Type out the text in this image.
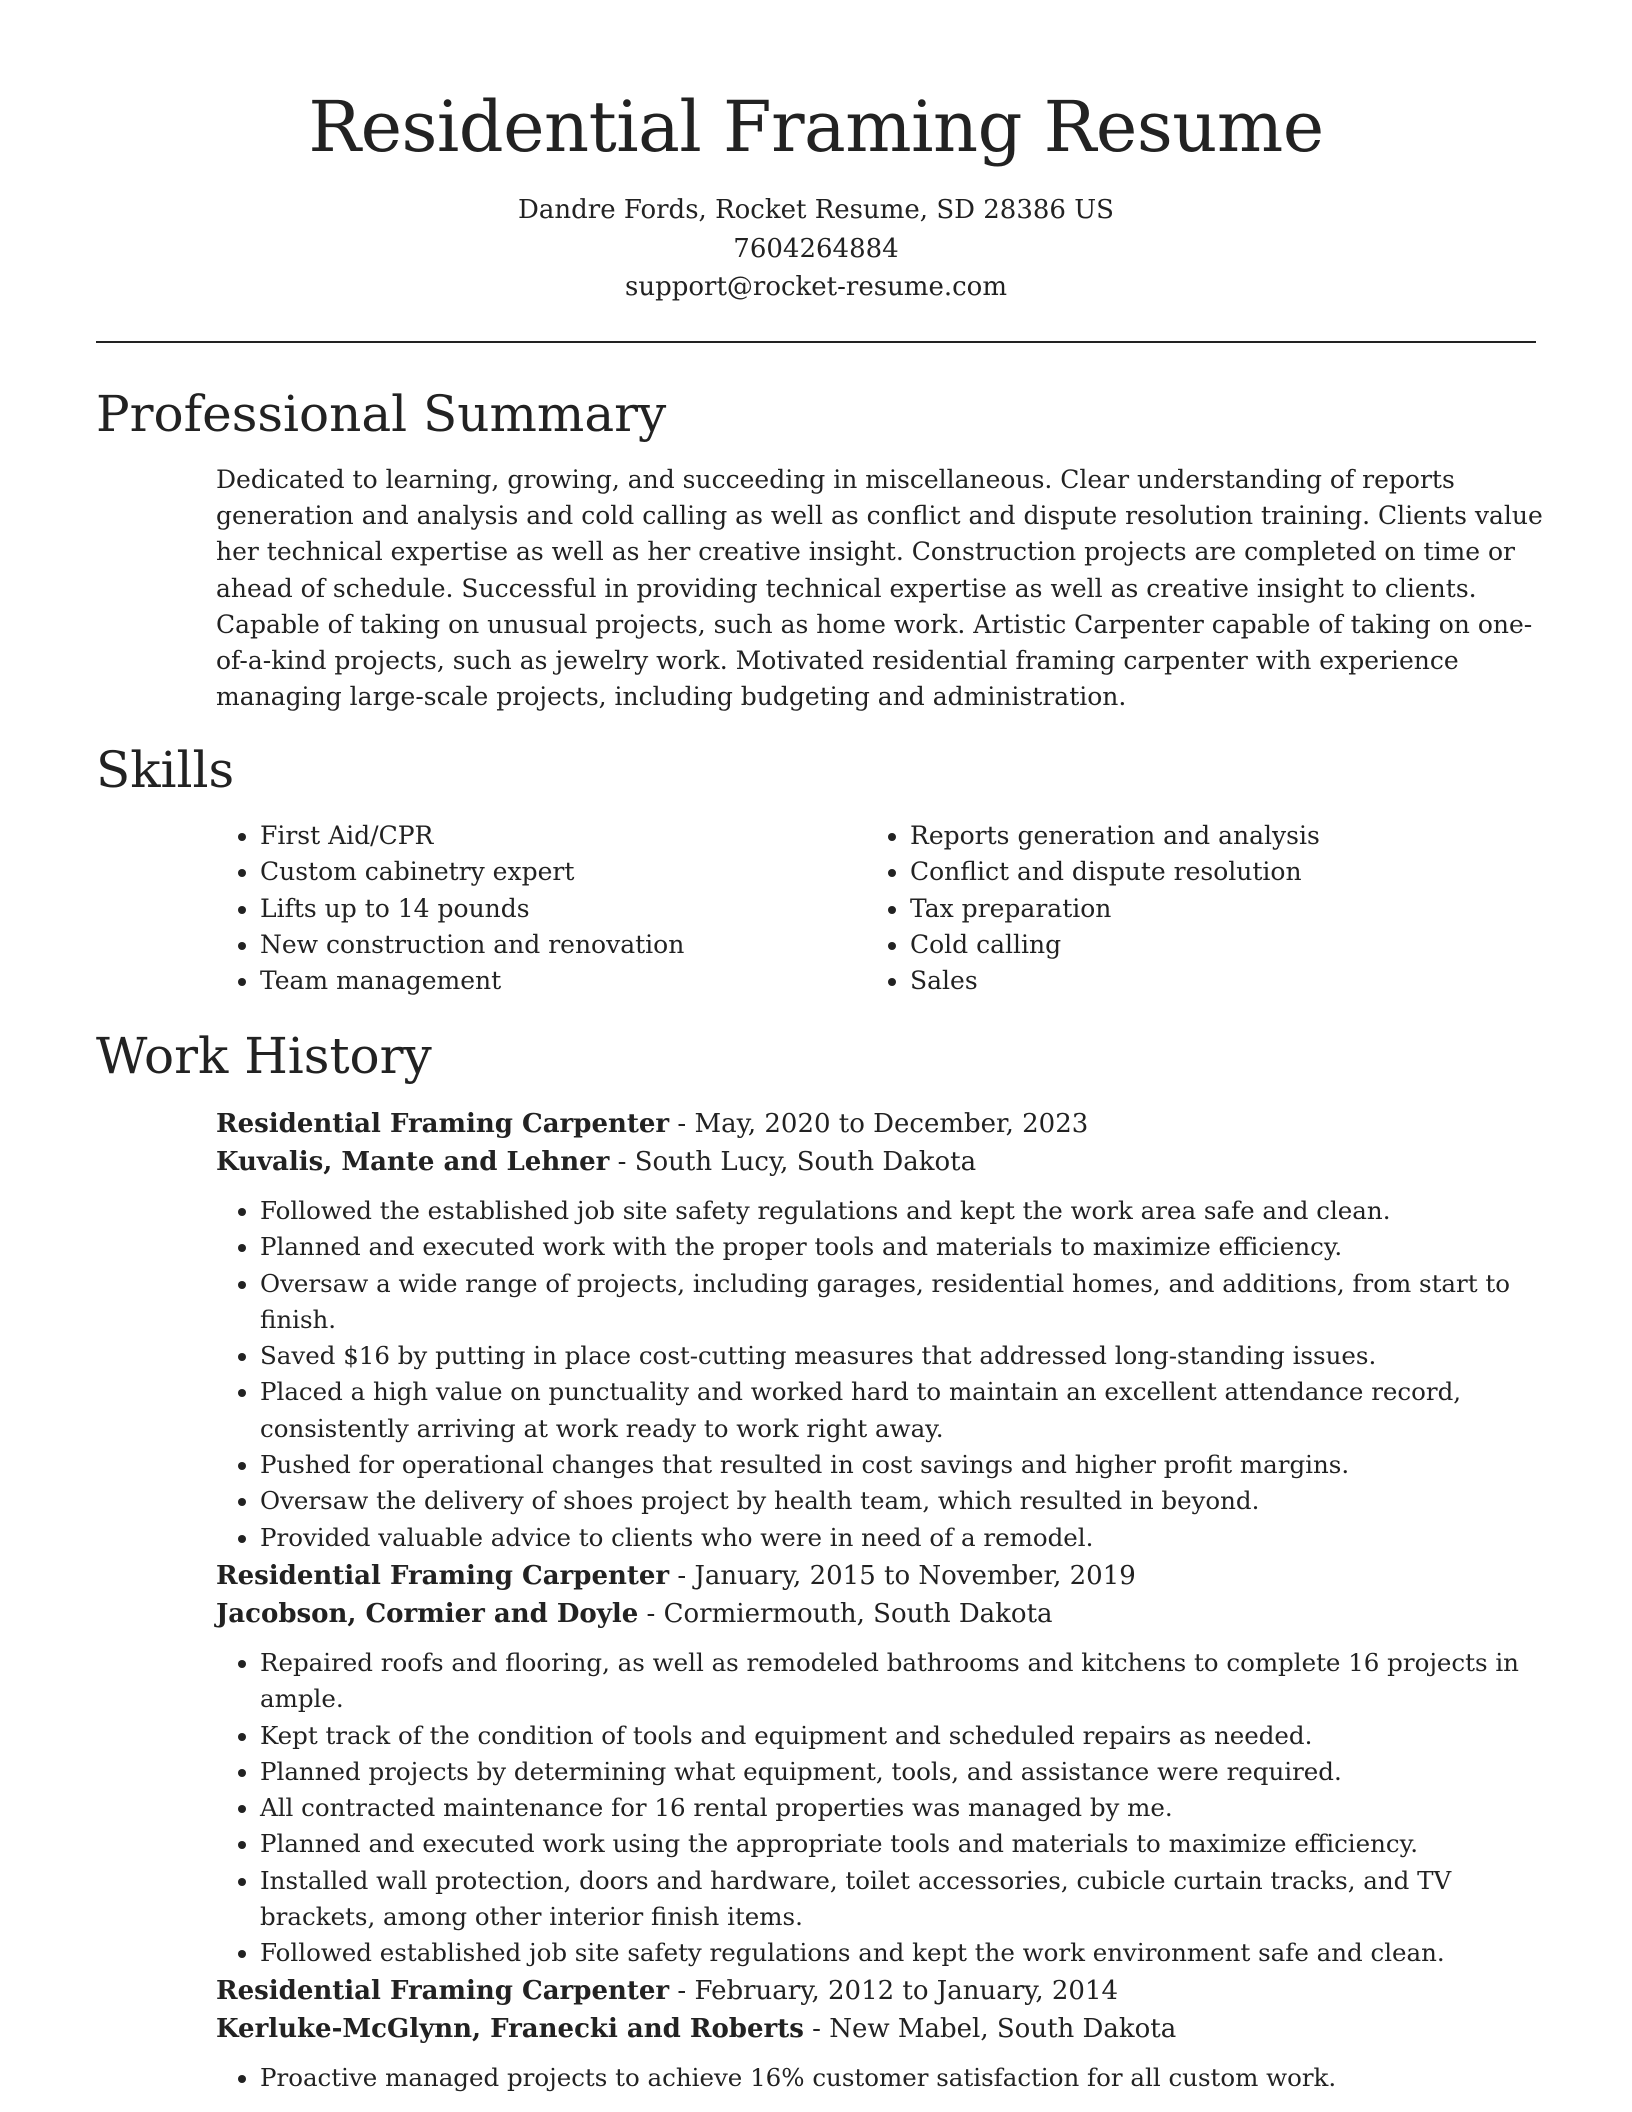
Residential Framing Resume
Dandre Fords, Rocket Resume, SD 28386 US
7604264884
support@rocket-resume.com
Professional Summary

Dedicated to learning, growing, and succeeding in miscellaneous. Clear understanding of reports generation and analysis and cold calling as well as conflict and dispute resolution training. Clients value her technical expertise as well as her creative insight. Construction projects are completed on time or ahead of schedule. Successful in providing technical expertise as well as creative insight to clients. Capable of taking on unusual projects, such as home work. Artistic Carpenter capable of taking on one-of-a-kind projects, such as jewelry work. Motivated residential framing carpenter with experience managing large-scale projects, including budgeting and administration.

Skills
• First Aid/CPR
• Custom cabinetry expert
• Lifts up to 14 pounds
• New construction and renovation
• Team management
• Reports generation and analysis
• Conflict and dispute resolution
• Tax preparation
• Cold calling
• Sales
Work History
Residential Framing Carpenter - May, 2020 to December, 2023
Kuvalis, Mante and Lehner - South Lucy, South Dakota
• Followed the established job site safety regulations and kept the work area safe and clean.
• Planned and executed work with the proper tools and materials to maximize efficiency.
• Oversaw a wide range of projects, including garages, residential homes, and additions, from start to finish.
• Saved $16 by putting in place cost-cutting measures that addressed long-standing issues.
• Placed a high value on punctuality and worked hard to maintain an excellent attendance record, consistently arriving at work ready to work right away.
• Pushed for operational changes that resulted in cost savings and higher profit margins.
• Oversaw the delivery of shoes project by health team, which resulted in beyond.
• Provided valuable advice to clients who were in need of a remodel.
Residential Framing Carpenter - January, 2015 to November, 2019
Jacobson, Cormier and Doyle - Cormiermouth, South Dakota
• Repaired roofs and flooring, as well as remodeled bathrooms and kitchens to complete 16 projects in ample.
• Kept track of the condition of tools and equipment and scheduled repairs as needed.
• Planned projects by determining what equipment, tools, and assistance were required.
• All contracted maintenance for 16 rental properties was managed by me.
• Planned and executed work using the appropriate tools and materials to maximize efficiency.
• Installed wall protection, doors and hardware, toilet accessories, cubicle curtain tracks, and TV brackets, among other interior finish items.
• Followed established job site safety regulations and kept the work environment safe and clean.
Residential Framing Carpenter - February, 2012 to January, 2014
Kerluke-McGlynn, Franecki and Roberts - New Mabel, South Dakota
• Proactive managed projects to achieve 16% customer satisfaction for all custom work.
